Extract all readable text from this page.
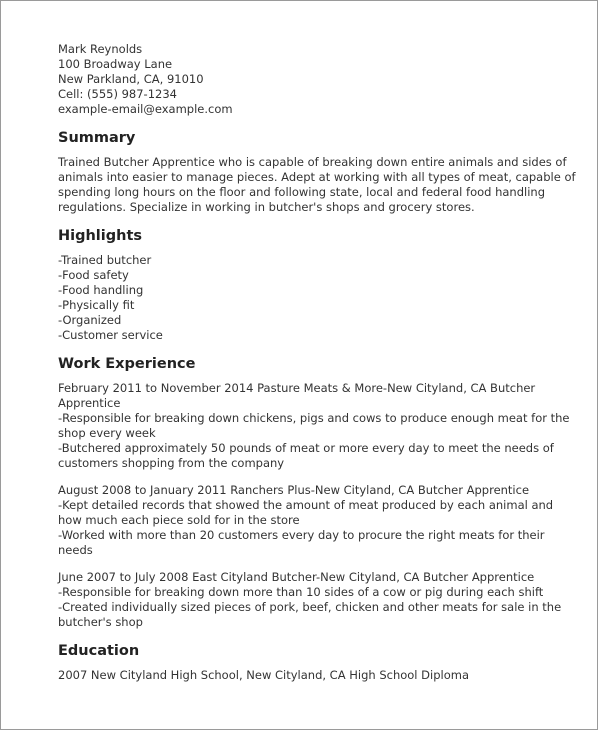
Mark Reynolds

100 Broadway Lane

New Parkland, CA, 91010

Cell: (555) 987-1234

example-email@example.com

Summary

Trained Butcher Apprentice who is capable of breaking down entire animals and sides of animals into easier to manage pieces. Adept at working with all types of meat, capable of spending long hours on the floor and following state, local and federal food handling regulations. Specialize in working in butcher's shops and grocery stores.

Highlights

-Trained butcher

-Food safety

-Food handling

-Physically fit

-Organized

-Customer service

Work Experience

February 2011 to November 2014 Pasture Meats & More-New Cityland, CA Butcher Apprentice

-Responsible for breaking down chickens, pigs and cows to produce enough meat for the shop every week

-Butchered approximately 50 pounds of meat or more every day to meet the needs of customers shopping from the company

August 2008 to January 2011 Ranchers Plus-New Cityland, CA Butcher Apprentice

-Kept detailed records that showed the amount of meat produced by each animal and how much each piece sold for in the store

-Worked with more than 20 customers every day to procure the right meats for their needs

June 2007 to July 2008 East Cityland Butcher-New Cityland, CA Butcher Apprentice

-Responsible for breaking down more than 10 sides of a cow or pig during each shift

-Created individually sized pieces of pork, beef, chicken and other meats for sale in the butcher's shop

Education

2007 New Cityland High School, New Cityland, CA High School Diploma
